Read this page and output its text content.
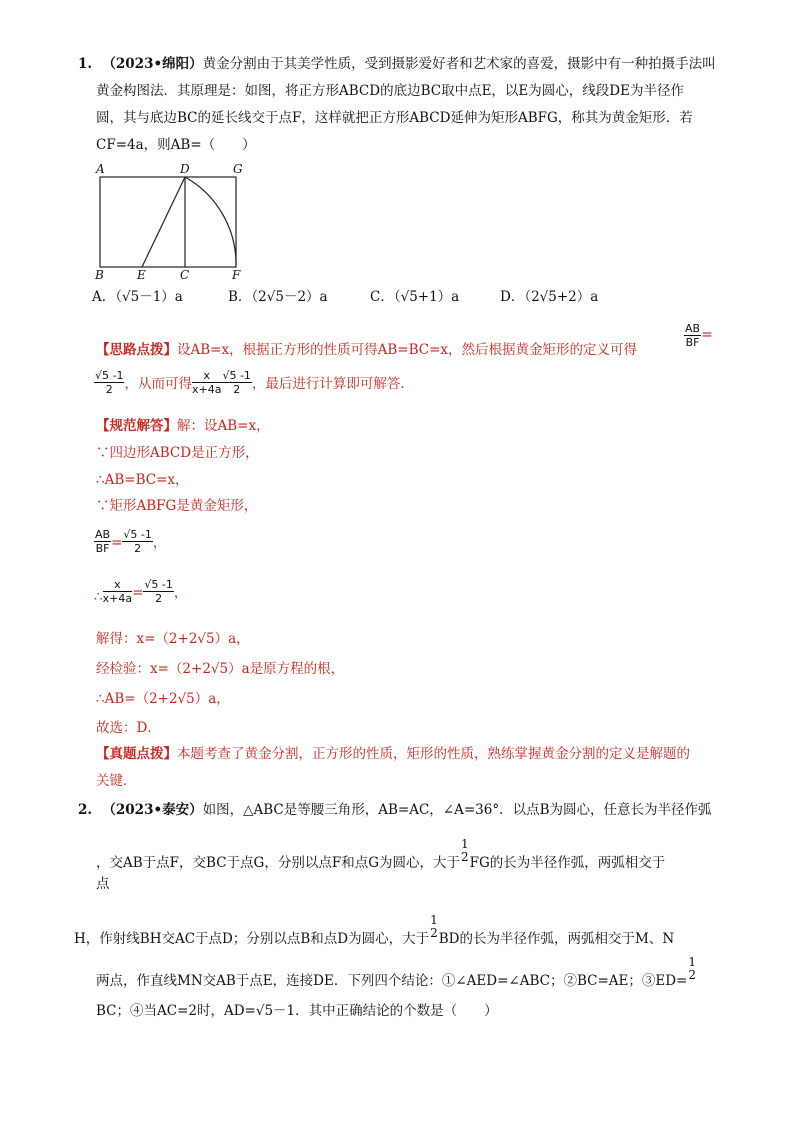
1. （2023•绵阳）黄金分割由于其美学性质，受到摄影爱好者和艺术家的喜爱，摄影中有一种拍摄手法叫
黄金构图法．其原理是：如图，将正方形ABCD的底边BC取中点E，以E为圆心，线段DE为半径作
圆，其与底边BC的延长线交于点F，这样就把正方形ABCD延伸为矩形ABFG，称其为黄金矩形．若
CF=4a，则AB=（　　）
A	D	G
B	E	C	F
A．（√5－1）a	B．（2√5－2）a	C．（√5+1）a	D．（2√5+2）a
【思路点拨】设AB=x，根据正方形的性质可得AB=BC=x，然后根据黄金矩形的定义可得
$\frac{AB}{BF}$ =
$\frac{√5 -1}{2}$ ，从而可得 $\frac{x}{x+4a} \frac{√5 -1}{2}$ ，最后进行计算即可解答．
【规范解答】解：设AB=x，
∵四边形ABCD是正方形，
∴AB=BC=x，
∵矩形ABFG是黄金矩形，
$\frac{AB}{BF} = \frac{√5 -1}{2}$ ，
∴ $\frac{x}{x+4a} = \frac{√5 -1}{2}$ ，
解得：x=（2+2√5）a，
经检验：x=（2+2√5）a是原方程的根，
∴AB=（2+2√5）a，
故选：D．
【真题点拨】本题考查了黄金分割，正方形的性质，矩形的性质，熟练掌握黄金分割的定义是解题的
关键．
2. （2023•泰安）如图，△ABC是等腰三角形，AB=AC，∠A=36°．以点B为圆心，任意长为半径作弧
，交AB于点F，交BC于点G，分别以点F和点G为圆心，大于
1
2 FG的长为半径作弧，两弧相交于
点
H，作射线BH交AC于点D；分别以点B和点D为圆心，大于
1
2 BD的长为半径作弧，两弧相交于M、N
两点，作直线MN交AB于点E，连接DE．下列四个结论：①∠AED=∠ABC；②BC=AE；③ED=
1
2
BC；④当AC=2时，AD=√5－1．其中正确结论的个数是（　　）
